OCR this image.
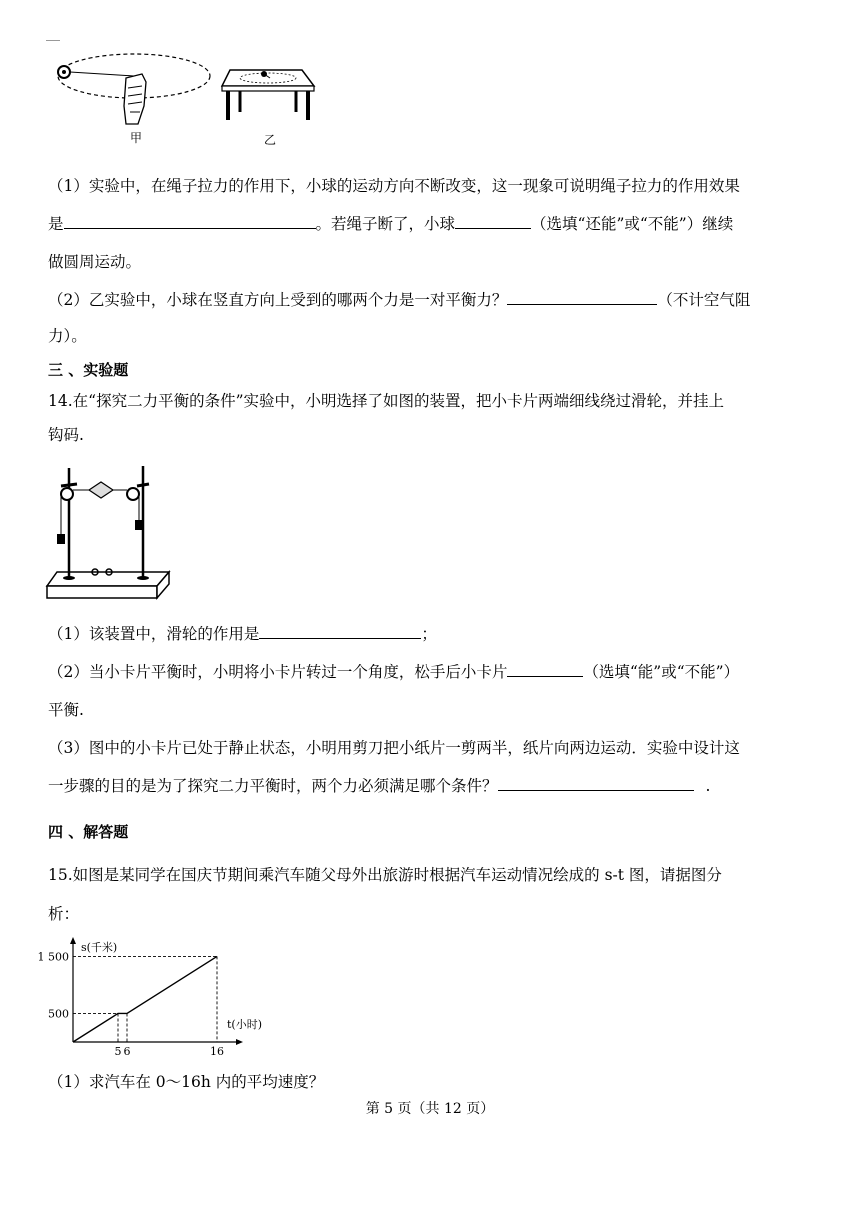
甲	乙
（1）实验中，在绳子拉力的作用下，小球的运动方向不断改变，这一现象可说明绳子拉力的作用效果
是	。若绳子断了，小球	（选填“还能”或“不能”）继续
做圆周运动。
（2）乙实验中，小球在竖直方向上受到的哪两个力是一对平衡力？	（不计空气阻
力）。
三 、实验题
14.在“探究二力平衡的条件”实验中，小明选择了如图的装置，把小卡片两端细线绕过滑轮，并挂上
钩码.
（1）该装置中，滑轮的作用是	；
（2）当小卡片平衡时，小明将小卡片转过一个角度，松手后小卡片	（选填“能”或“不能”）
平衡.
（3）图中的小卡片已处于静止状态，小明用剪刀把小纸片一剪两半，纸片向两边运动．实验中设计这
一步骤的目的是为了探究二力平衡时，两个力必须满足哪个条件？	.
四 、解答题
15.如图是某同学在国庆节期间乘汽车随父母外出旅游时根据汽车运动情况绘成的 s-t 图，请据图分
析：
s(千米)
t(小时)
5 6	16
500
1 500
（1）求汽车在 0～16h 内的平均速度？
第 5 页（共 12 页）
